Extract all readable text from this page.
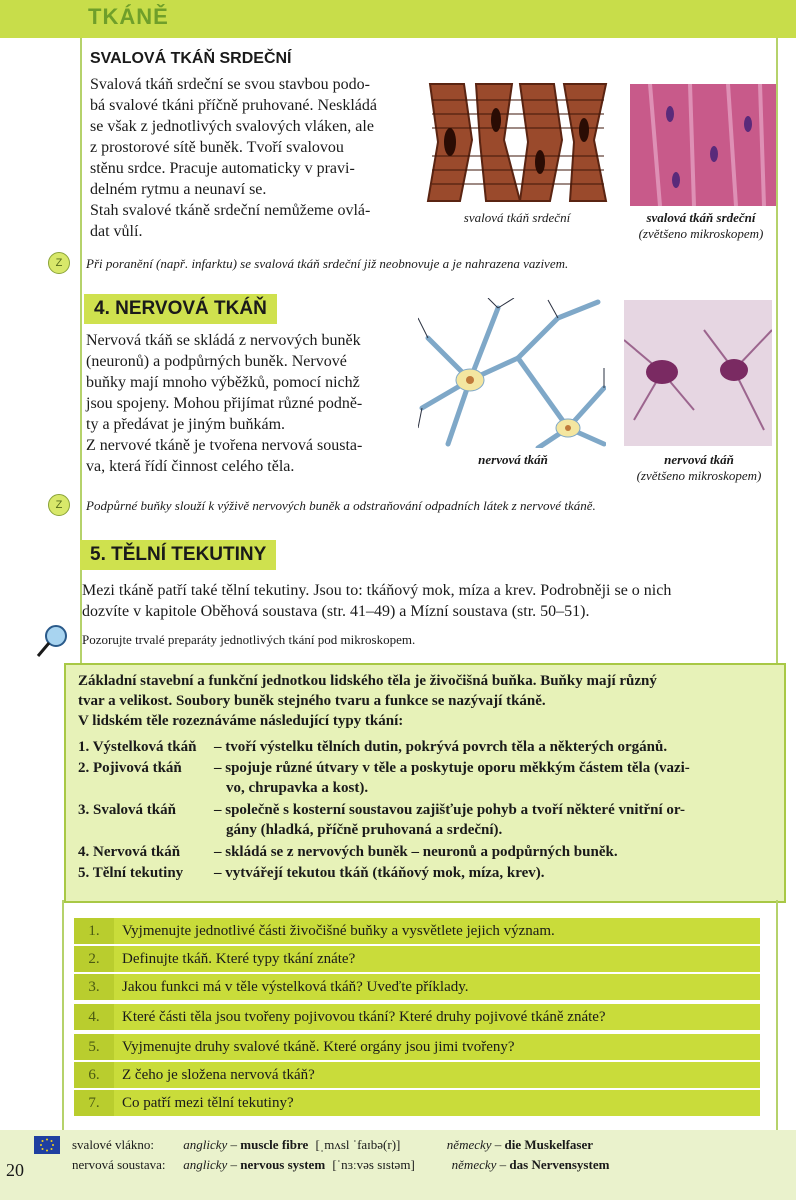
TKÁNĚ
SVALOVÁ TKÁŇ SRDEČNÍ

Svalová tkáň srdeční se svou stavbou podo-

bá svalové tkáni příčně pruhované. Neskládá

se však z jednotlivých svalových vláken, ale

z prostorové sítě buněk. Tvoří svalovou

stěnu srdce. Pracuje automaticky v pravi-

delném rytmu a neunaví se.

Stah svalové tkáně srdeční nemůžeme ovlá-

dat vůlí.

svalová tkáň srdeční	svalová tkáň srdeční
(zvětšeno mikroskopem)
Z	Při poranění (např. infarktu) se svalová tkáň srdeční již neobnovuje a je nahrazena vazivem.
4. NERVOVÁ TKÁŇ

Nervová tkáň se skládá z nervových buněk

(neuronů) a podpůrných buněk. Nervové

buňky mají mnoho výběžků, pomocí nichž

jsou spojeny. Mohou přijímat různé podně-

ty a předávat je jiným buňkám.

Z nervové tkáně je tvořena nervová sousta-

va, která řídí činnost celého těla.	nervová tkáň	nervová tkáň
(zvětšeno mikroskopem)
Z	Podpůrné buňky slouží k výživě nervových buněk a odstraňování odpadních látek z nervové tkáně.
5. TĚLNÍ TEKUTINY

Mezi tkáně patří také tělní tekutiny. Jsou to: tkáňový mok, míza a krev. Podrobněji se o nich

dozvíte v kapitole Oběhová soustava (str. 41–49) a Mízní soustava (str. 50–51).

Pozorujte trvalé preparáty jednotlivých tkání pod mikroskopem.

Základní stavební a funkční jednotkou lidského těla je živočišná buňka. Buňky mají různý

tvar a velikost. Soubory buněk stejného tvaru a funkce se nazývají tkáně.

V lidském těle rozeznáváme následující typy tkání:

1. Výstelková tkáň – tvoří výstelku tělních dutin, pokrývá povrch těla a některých orgánů.

2. Pojivová tkáň – spojuje různé útvary v těle a poskytuje oporu měkkým částem těla (vazi-

vo, chrupavka a kost).

3. Svalová tkáň	– společně s kosterní soustavou zajišťuje pohyb a tvoří některé vnitřní or-

gány (hladká, příčně pruhovaná a srdeční).

4. Nervová tkáň – skládá se z nervových buněk – neuronů a podpůrných buněk.

5. Tělní tekutiny – vytvářejí tekutou tkáň (tkáňový mok, míza, krev).

1.	Vyjmenujte jednotlivé části živočišné buňky a vysvětlete jejich význam.
2.	Definujte tkáň. Které typy tkání znáte?
3.	Jakou funkci má v těle výstelková tkáň? Uveďte příklady.
4.	Které části těla jsou tvořeny pojivovou tkání? Které druhy pojivové tkáně znáte?
5.	Vyjmenujte druhy svalové tkáně. Které orgány jsou jimi tvořeny?
6.	Z čeho je složena nervová tkáň?
7.	Co patří mezi tělní tekutiny?
svalové vlákno: anglicky – muscle fibre [ˌmʌsl ˈfaɪbə(r)]	německy – die Muskelfaser
nervová soustava: anglicky – nervous system [ˈnɜːvəs sɪstəm]	německy – das Nervensystem
20
